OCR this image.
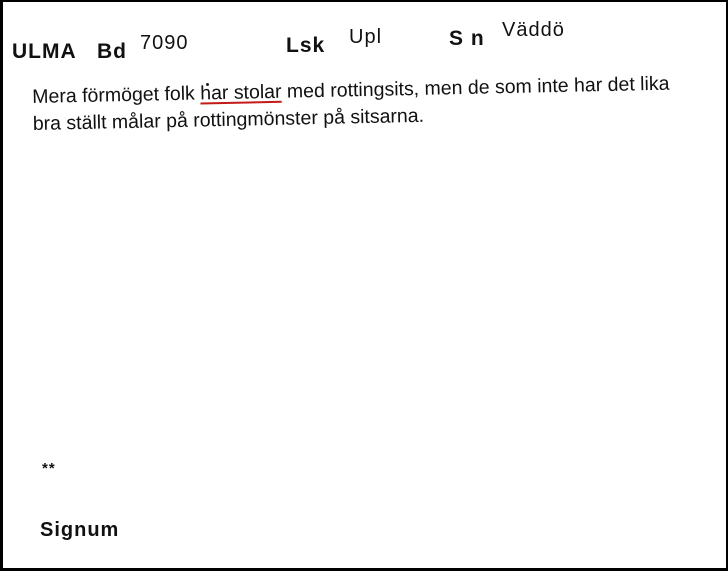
ULMA Bd 7090	Lsk Upl	S n Väddö
Mera förmöget folk har stolar med rottingsits, men de som inte har det lika bra ställt målar på rottingmönster på sitsarna.
**
Signum
